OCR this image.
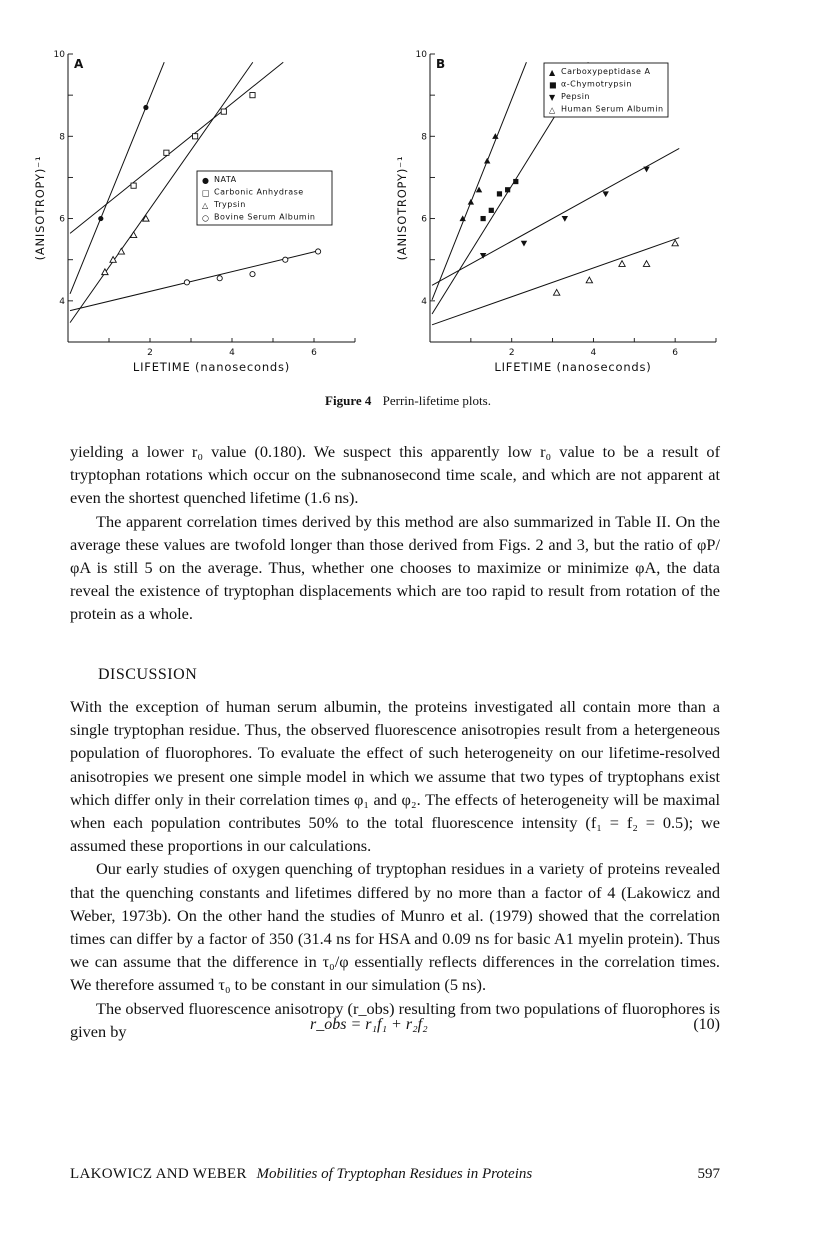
4
6
8
10
2	4	6
A
LIFETIME (nanoseconds)
(ANISOTROPY)⁻¹	● NATA
□ Carbonic Anhydrase
△ Trypsin
○ Bovine Serum Albumin
4
6
8
10
2	4	6
B
LIFETIME (nanoseconds)
(ANISOTROPY)⁻¹
▲ Carboxypeptidase A
■ α-Chymotrypsin
▼ Pepsin
△ Human Serum Albumin
Figure 4 Perrin-lifetime plots.

yielding a lower r₀ value (0.180). We suspect this apparently low r₀ value to be a result of tryptophan rotations which occur on the subnanosecond time scale, and which are not apparent at even the shortest quenched lifetime (1.6 ns).

The apparent correlation times derived by this method are also summarized in Table II. On the average these values are twofold longer than those derived from Figs. 2 and 3, but the ratio of φP/φA is still 5 on the average. Thus, whether one chooses to maximize or minimize φA, the data reveal the existence of tryptophan displacements which are too rapid to result from rotation of the protein as a whole.

DISCUSSION

With the exception of human serum albumin, the proteins investigated all contain more than a single tryptophan residue. Thus, the observed fluorescence anisotropies result from a hetergeneous population of fluorophores. To evaluate the effect of such heterogeneity on our lifetime-resolved anisotropies we present one simple model in which we assume that two types of tryptophans exist which differ only in their correlation times φ₁ and φ₂. The effects of heterogeneity will be maximal when each population contributes 50% to the total fluorescence intensity (f₁ = f₂ = 0.5); we assumed these proportions in our calculations.

Our early studies of oxygen quenching of tryptophan residues in a variety of proteins revealed that the quenching constants and lifetimes differed by no more than a factor of 4 (Lakowicz and Weber, 1973b). On the other hand the studies of Munro et al. (1979) showed that the correlation times can differ by a factor of 350 (31.4 ns for HSA and 0.09 ns for basic A1 myelin protein). Thus we can assume that the difference in τ₀/φ essentially reflects differences in the correlation times. We therefore assumed τ₀ to be constant in our simulation (5 ns).

The observed fluorescence anisotropy (r_obs) resulting from two populations of fluorophores is given by	r_obs = r₁f₁ + r₂f₂	(10)
LAKOWICZ AND WEBER Mobilities of Tryptophan Residues in Proteins	597
